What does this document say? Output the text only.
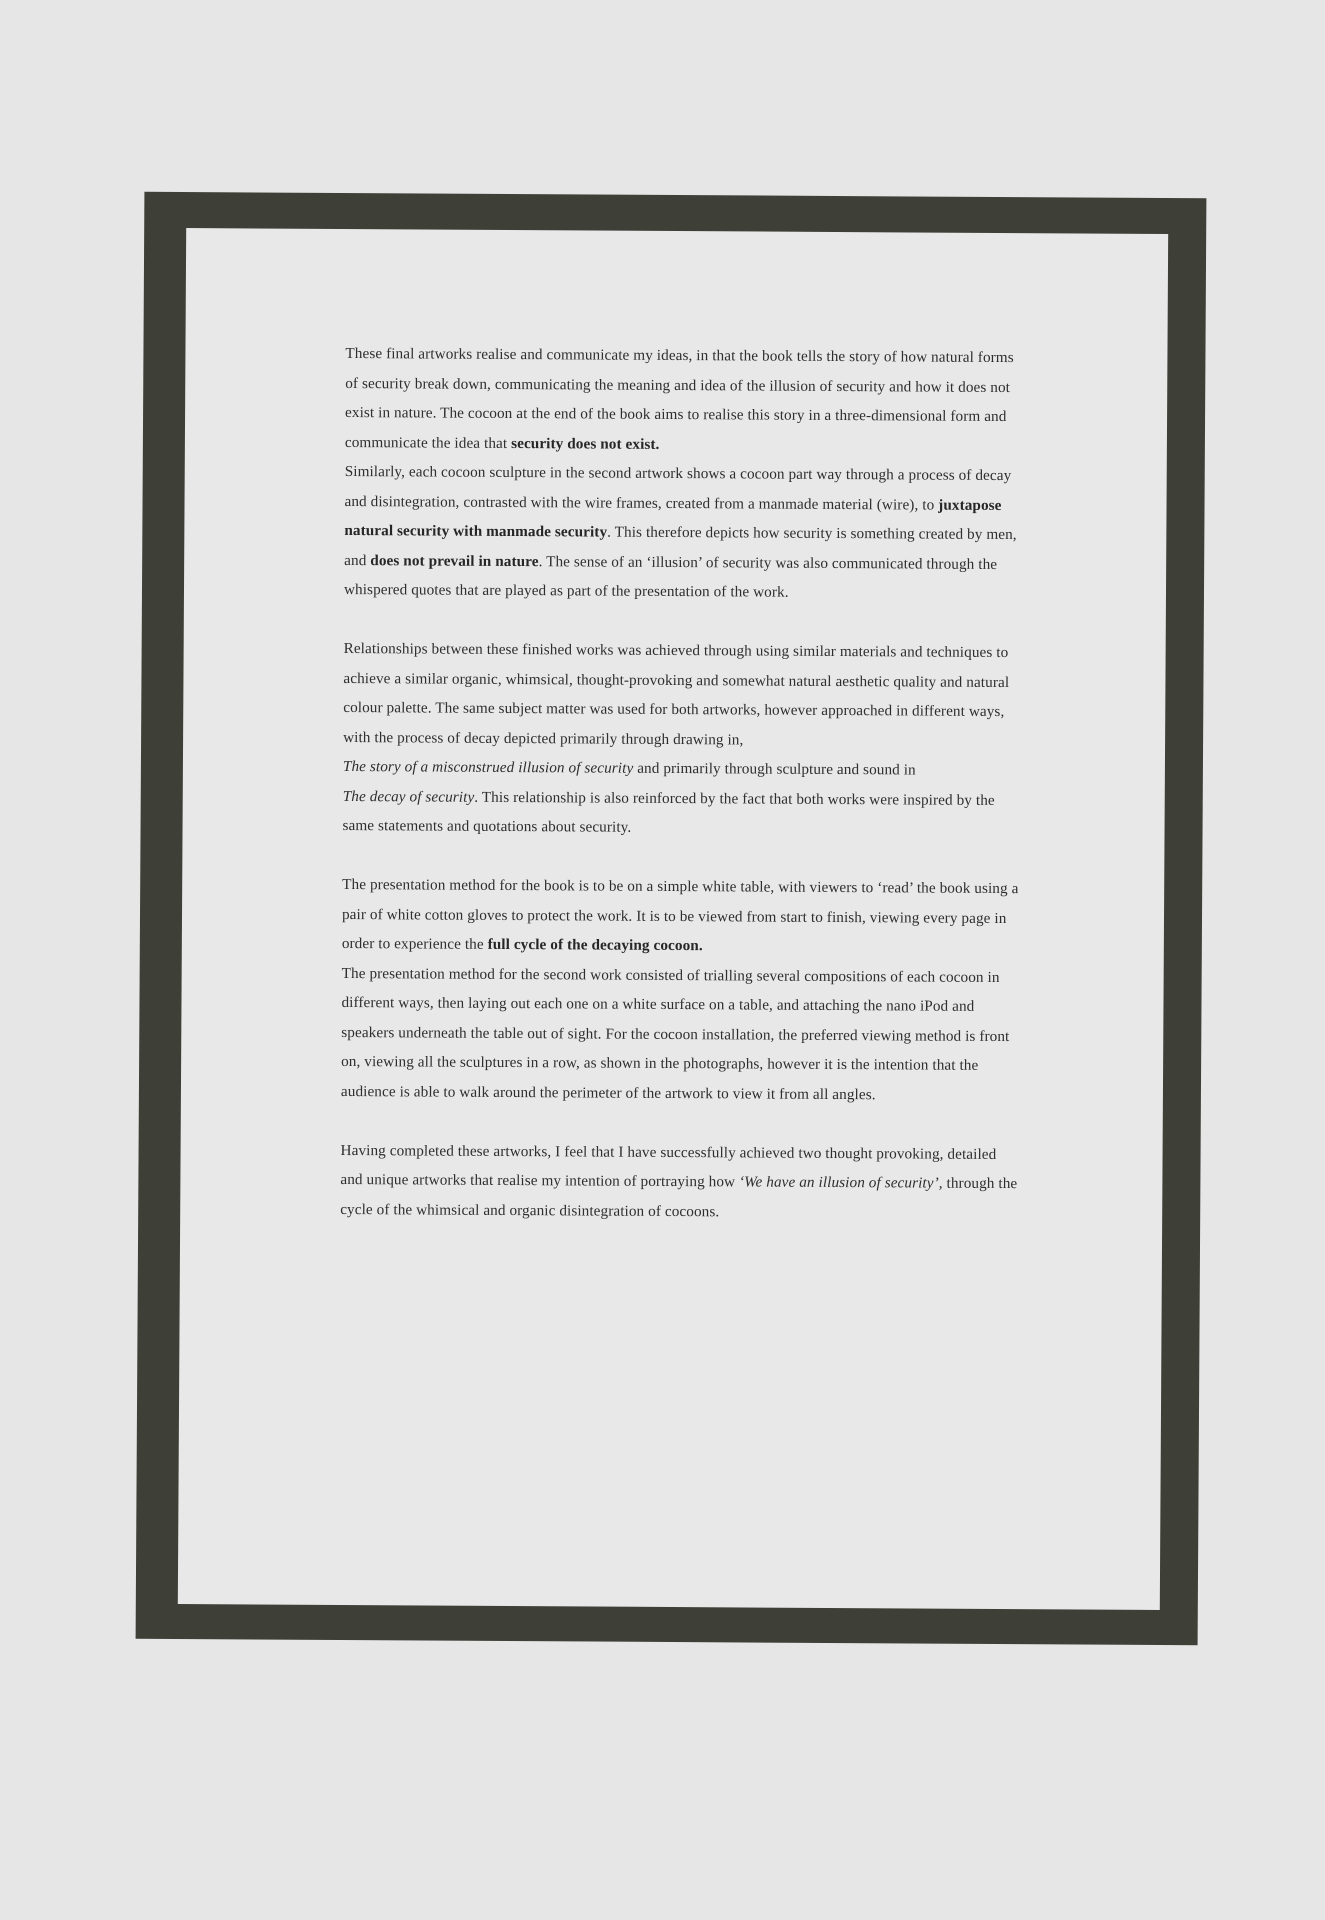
These final artworks realise and communicate my ideas, in that the book tells the story of how natural forms of security break down, communicating the meaning and idea of the illusion of security and how it does not exist in nature. The cocoon at the end of the book aims to realise this story in a three-dimensional form and communicate the idea that security does not exist.

Similarly, each cocoon sculpture in the second artwork shows a cocoon part way through a process of decay and disintegration, contrasted with the wire frames, created from a manmade material (wire), to juxtapose natural security with manmade security. This therefore depicts how security is something created by men, and does not prevail in nature. The sense of an ‘illusion’ of security was also communicated through the whispered quotes that are played as part of the presentation of the work.

Relationships between these finished works was achieved through using similar materials and techniques to achieve a similar organic, whimsical, thought-provoking and somewhat natural aesthetic quality and natural colour palette. The same subject matter was used for both artworks, however approached in different ways, with the process of decay depicted primarily through drawing in,
The story of a misconstrued illusion of security and primarily through sculpture and sound in
The decay of security. This relationship is also reinforced by the fact that both works were inspired by the same statements and quotations about security.

The presentation method for the book is to be on a simple white table, with viewers to ‘read’ the book using a pair of white cotton gloves to protect the work. It is to be viewed from start to finish, viewing every page in order to experience the full cycle of the decaying cocoon.

The presentation method for the second work consisted of trialling several compositions of each cocoon in different ways, then laying out each one on a white surface on a table, and attaching the nano iPod and speakers underneath the table out of sight. For the cocoon installation, the preferred viewing method is front on, viewing all the sculptures in a row, as shown in the photographs, however it is the intention that the audience is able to walk around the perimeter of the artwork to view it from all angles.

Having completed these artworks, I feel that I have successfully achieved two thought provoking, detailed and unique artworks that realise my intention of portraying how ‘We have an illusion of security’, through the cycle of the whimsical and organic disintegration of cocoons.
